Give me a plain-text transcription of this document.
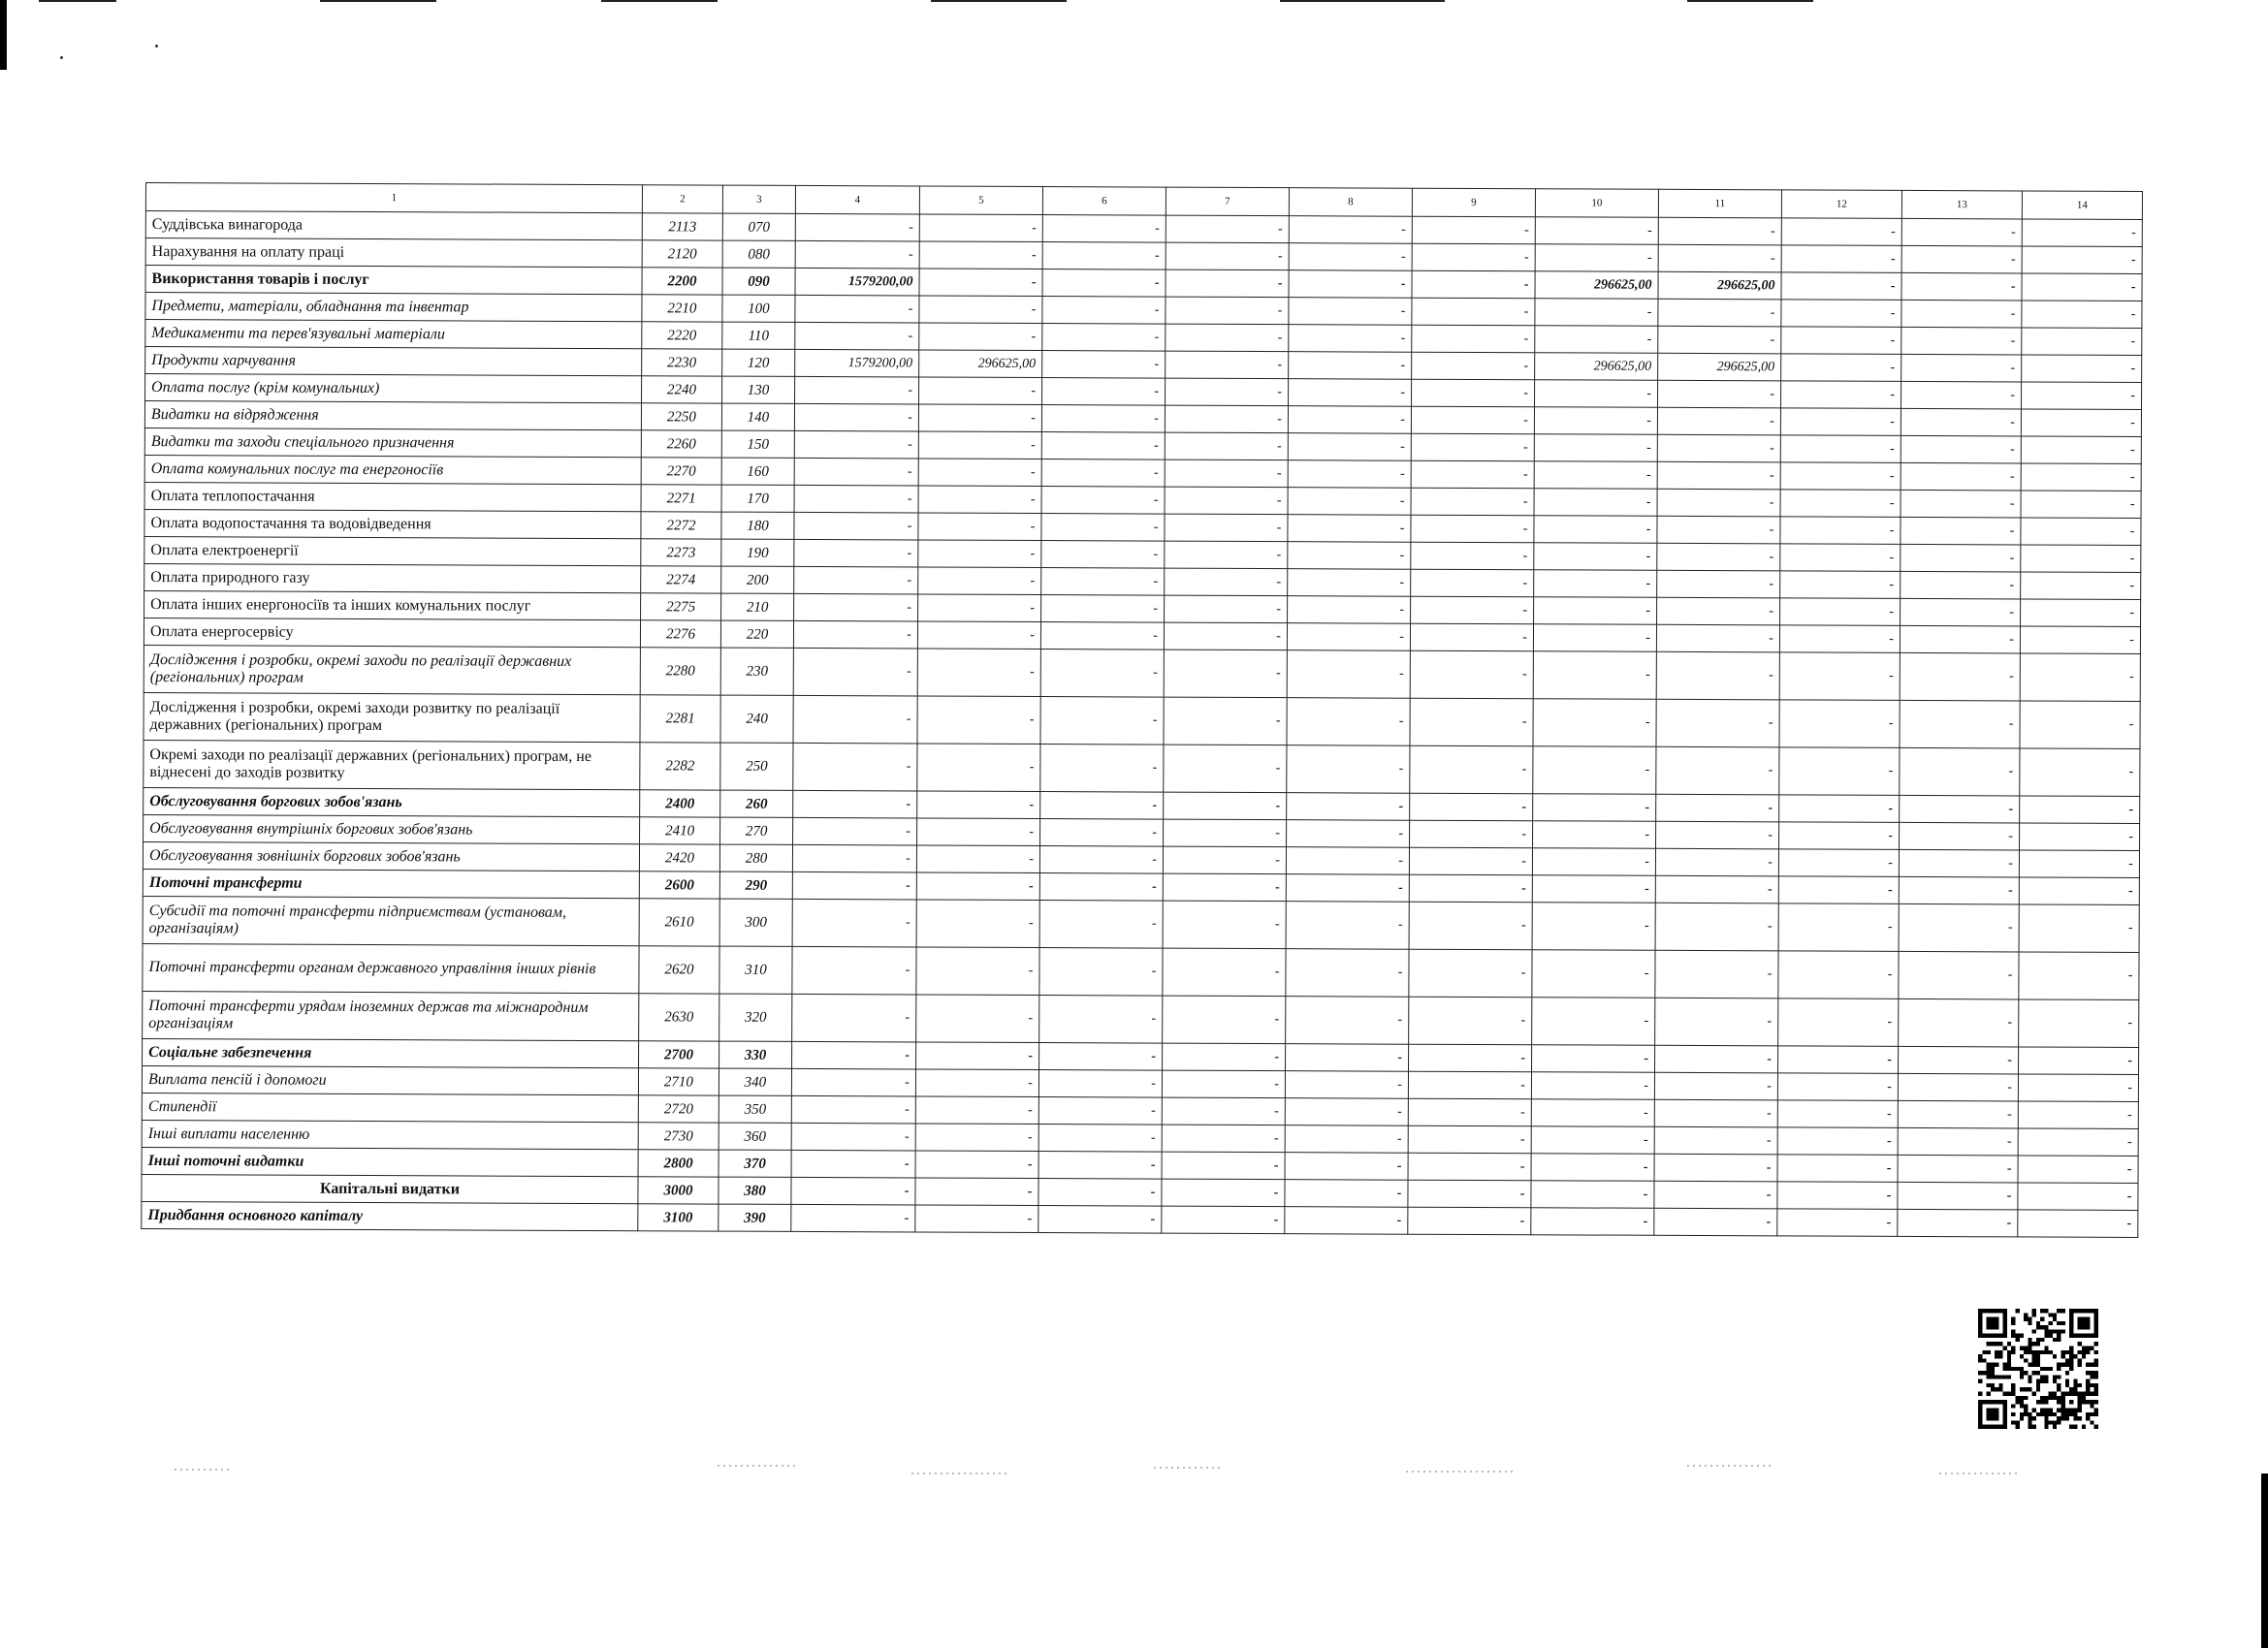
1	2	3	4	5	6	7	8	9	10	11	12	13	14
Суддівська винагорода	2113	070	-	-	-	-	-	-	-	-	-	-	-
Нарахування на оплату праці	2120	080	-	-	-	-	-	-	-	-	-	-	-
Використання товарів і послуг	2200	090	1579200,00	-	-	-	-	-	296625,00	296625,00	-	-	-
Предмети, матеріали, обладнання та інвентар	2210	100	-	-	-	-	-	-	-	-	-	-	-
Медикаменти та перев'язувальні матеріали	2220	110	-	-	-	-	-	-	-	-	-	-	-
Продукти харчування	2230	120	1579200,00	296625,00	-	-	-	-	296625,00	296625,00	-	-	-
Оплата послуг (крім комунальних)	2240	130	-	-	-	-	-	-	-	-	-	-	-
Видатки на відрядження	2250	140	-	-	-	-	-	-	-	-	-	-	-
Видатки та заходи спеціального призначення	2260	150	-	-	-	-	-	-	-	-	-	-	-
Оплата комунальних послуг та енергоносіїв	2270	160	-	-	-	-	-	-	-	-	-	-	-
Оплата теплопостачання	2271	170	-	-	-	-	-	-	-	-	-	-	-
Оплата водопостачання та водовідведення	2272	180	-	-	-	-	-	-	-	-	-	-	-
Оплата електроенергії	2273	190	-	-	-	-	-	-	-	-	-	-	-
Оплата природного газу	2274	200	-	-	-	-	-	-	-	-	-	-	-
Оплата інших енергоносіїв та інших комунальних послуг	2275	210	-	-	-	-	-	-	-	-	-	-	-
Оплата енергосервісу	2276	220	-	-	-	-	-	-	-	-	-	-	-
Дослідження і розробки, окремі заходи по реалізації державних (регіональних) програм	2280	230	-	-	-	-	-	-	-	-	-	-	-
Дослідження і розробки, окремі заходи розвитку по реалізації державних (регіональних) програм	2281	240	-	-	-	-	-	-	-	-	-	-	-
Окремі заходи по реалізації державних (регіональних) програм, не віднесені до заходів розвитку	2282	250	-	-	-	-	-	-	-	-	-	-	-
Обслуговування боргових зобов'язань	2400	260	-	-	-	-	-	-	-	-	-	-	-
Обслуговування внутрішніх боргових зобов'язань	2410	270	-	-	-	-	-	-	-	-	-	-	-
Обслуговування зовнішніх боргових зобов'язань	2420	280	-	-	-	-	-	-	-	-	-	-	-
Поточні трансферти	2600	290	-	-	-	-	-	-	-	-	-	-	-
Субсидії та поточні трансферти підприємствам (установам, організаціям)	2610	300	-	-	-	-	-	-	-	-	-	-	-
Поточні трансферти органам державного управління інших рівнів	2620	310	-	-	-	-	-	-	-	-	-	-	-
Поточні трансферти урядам іноземних держав та міжнародним організаціям	2630	320	-	-	-	-	-	-	-	-	-	-	-
Соціальне забезпечення	2700	330	-	-	-	-	-	-	-	-	-	-	-
Виплата пенсій і допомоги	2710	340	-	-	-	-	-	-	-	-	-	-	-
Стипендії	2720	350	-	-	-	-	-	-	-	-	-	-	-
Інші виплати населенню	2730	360	-	-	-	-	-	-	-	-	-	-	-
Інші поточні видатки	2800	370	-	-	-	-	-	-	-	-	-	-	-
Капітальні видатки	3000	380	-	-	-	-	-	-	-	-	-	-	-
Придбання основного капіталу	3100	390	-	-	-	-	-	-	-	-	-	-	-
